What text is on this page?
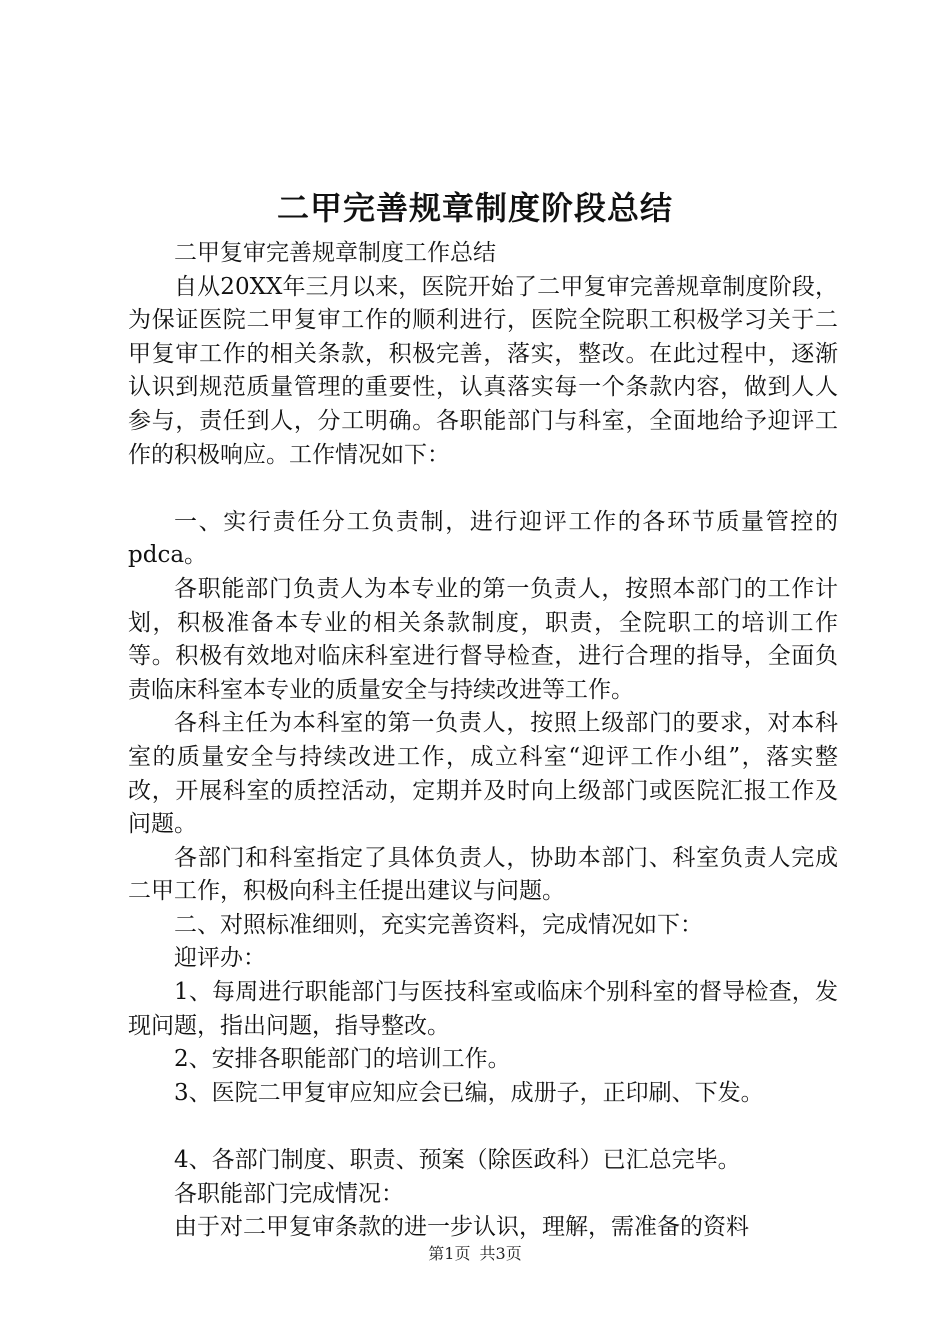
二甲完善规章制度阶段总结

二甲复审完善规章制度工作总结

自从20XX年三月以来，医院开始了二甲复审完善规章制度阶段，为保证医院二甲复审工作的顺利进行，医院全院职工积极学习关于二甲复审工作的相关条款，积极完善，落实，整改。在此过程中，逐渐认识到规范质量管理的重要性，认真落实每一个条款内容，做到人人参与，责任到人，分工明确。各职能部门与科室，全面地给予迎评工作的积极响应。工作情况如下：

一、实行责任分工负责制，进行迎评工作的各环节质量管控的pdca。

各职能部门负责人为本专业的第一负责人，按照本部门的工作计划，积极准备本专业的相关条款制度，职责，全院职工的培训工作等。积极有效地对临床科室进行督导检查，进行合理的指导，全面负责临床科室本专业的质量安全与持续改进等工作。

各科主任为本科室的第一负责人，按照上级部门的要求，对本科室的质量安全与持续改进工作，成立科室“迎评工作小组”，落实整改，开展科室的质控活动，定期并及时向上级部门或医院汇报工作及问题。

各部门和科室指定了具体负责人，协助本部门、科室负责人完成二甲工作，积极向科主任提出建议与问题。

二、对照标准细则，充实完善资料，完成情况如下：

迎评办：

1、每周进行职能部门与医技科室或临床个别科室的督导检查，发现问题，指出问题，指导整改。

2、安排各职能部门的培训工作。

3、医院二甲复审应知应会已编，成册子，正印刷、下发。

4、各部门制度、职责、预案（除医政科）已汇总完毕。

各职能部门完成情况：

由于对二甲复审条款的进一步认识，理解，需准备的资料

第1页 共3页
